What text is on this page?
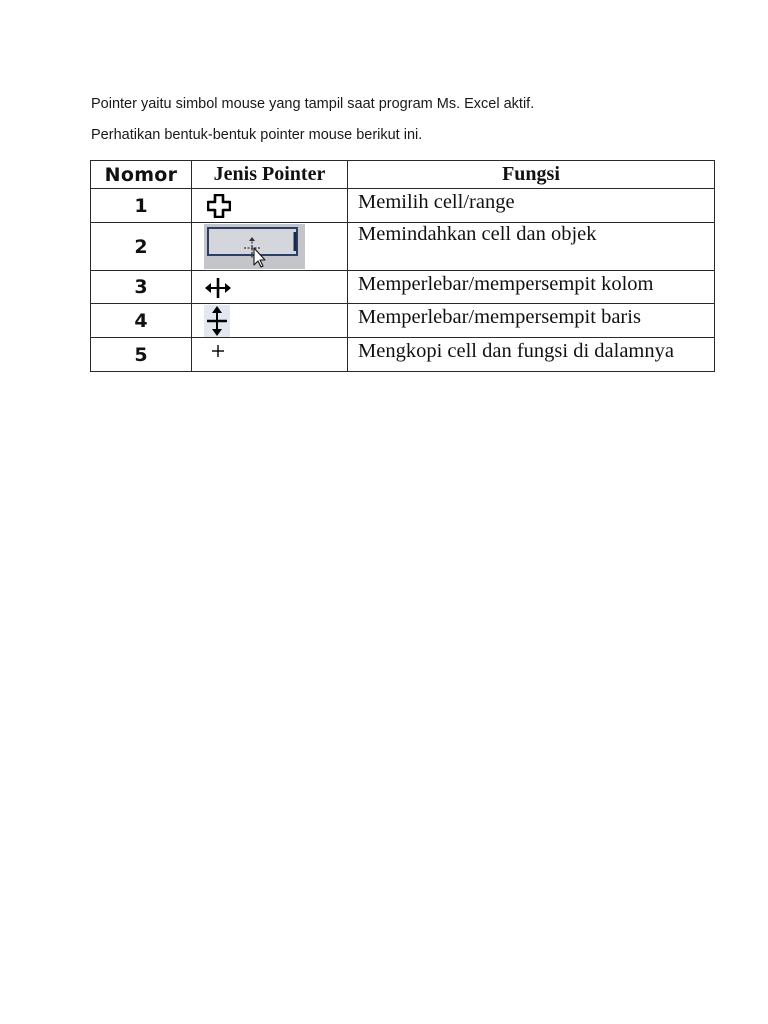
Pointer yaitu simbol mouse yang tampil saat program Ms. Excel aktif.

Perhatikan bentuk-bentuk pointer mouse berikut ini.

Nomor	Jenis Pointer	Fungsi
1		Memilih cell/range
2		Memindahkan cell dan objek
3		Memperlebar/mempersempit kolom
4		Memperlebar/mempersempit baris
5		Mengkopi cell dan fungsi di dalamnya
